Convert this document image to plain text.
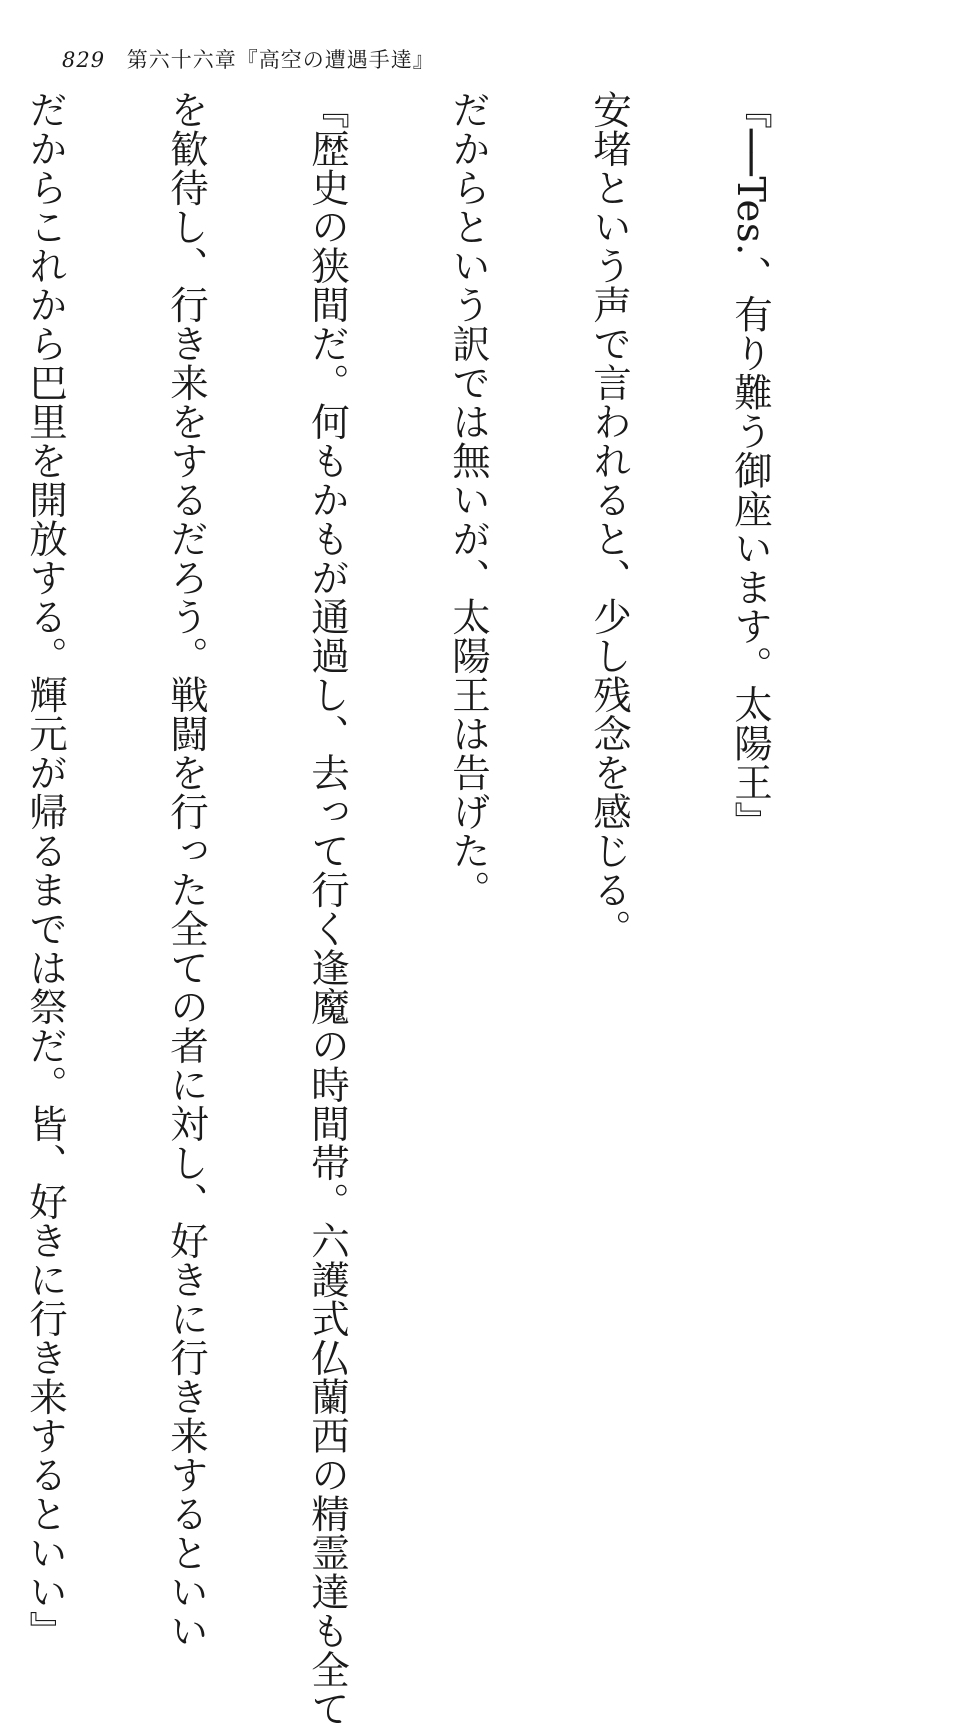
829 第六十六章『高空の遭遇手達』

『──Tes.、有り難う御座います。太陽王』

安堵という声で言われると、少し残念を感じる。

だからという訳では無いが、太陽王は告げた。

『歴史の狭間だ。何もかもが通過し、去って行く逢魔の時間帯。六護式仏蘭西の精霊達も全て

を歓待し、行き来をするだろう。戦闘を行った全ての者に対し、好きに行き来するといい

だからこれから巴里を開放する。輝元が帰るまでは祭だ。皆、好きに行き来するといい』
